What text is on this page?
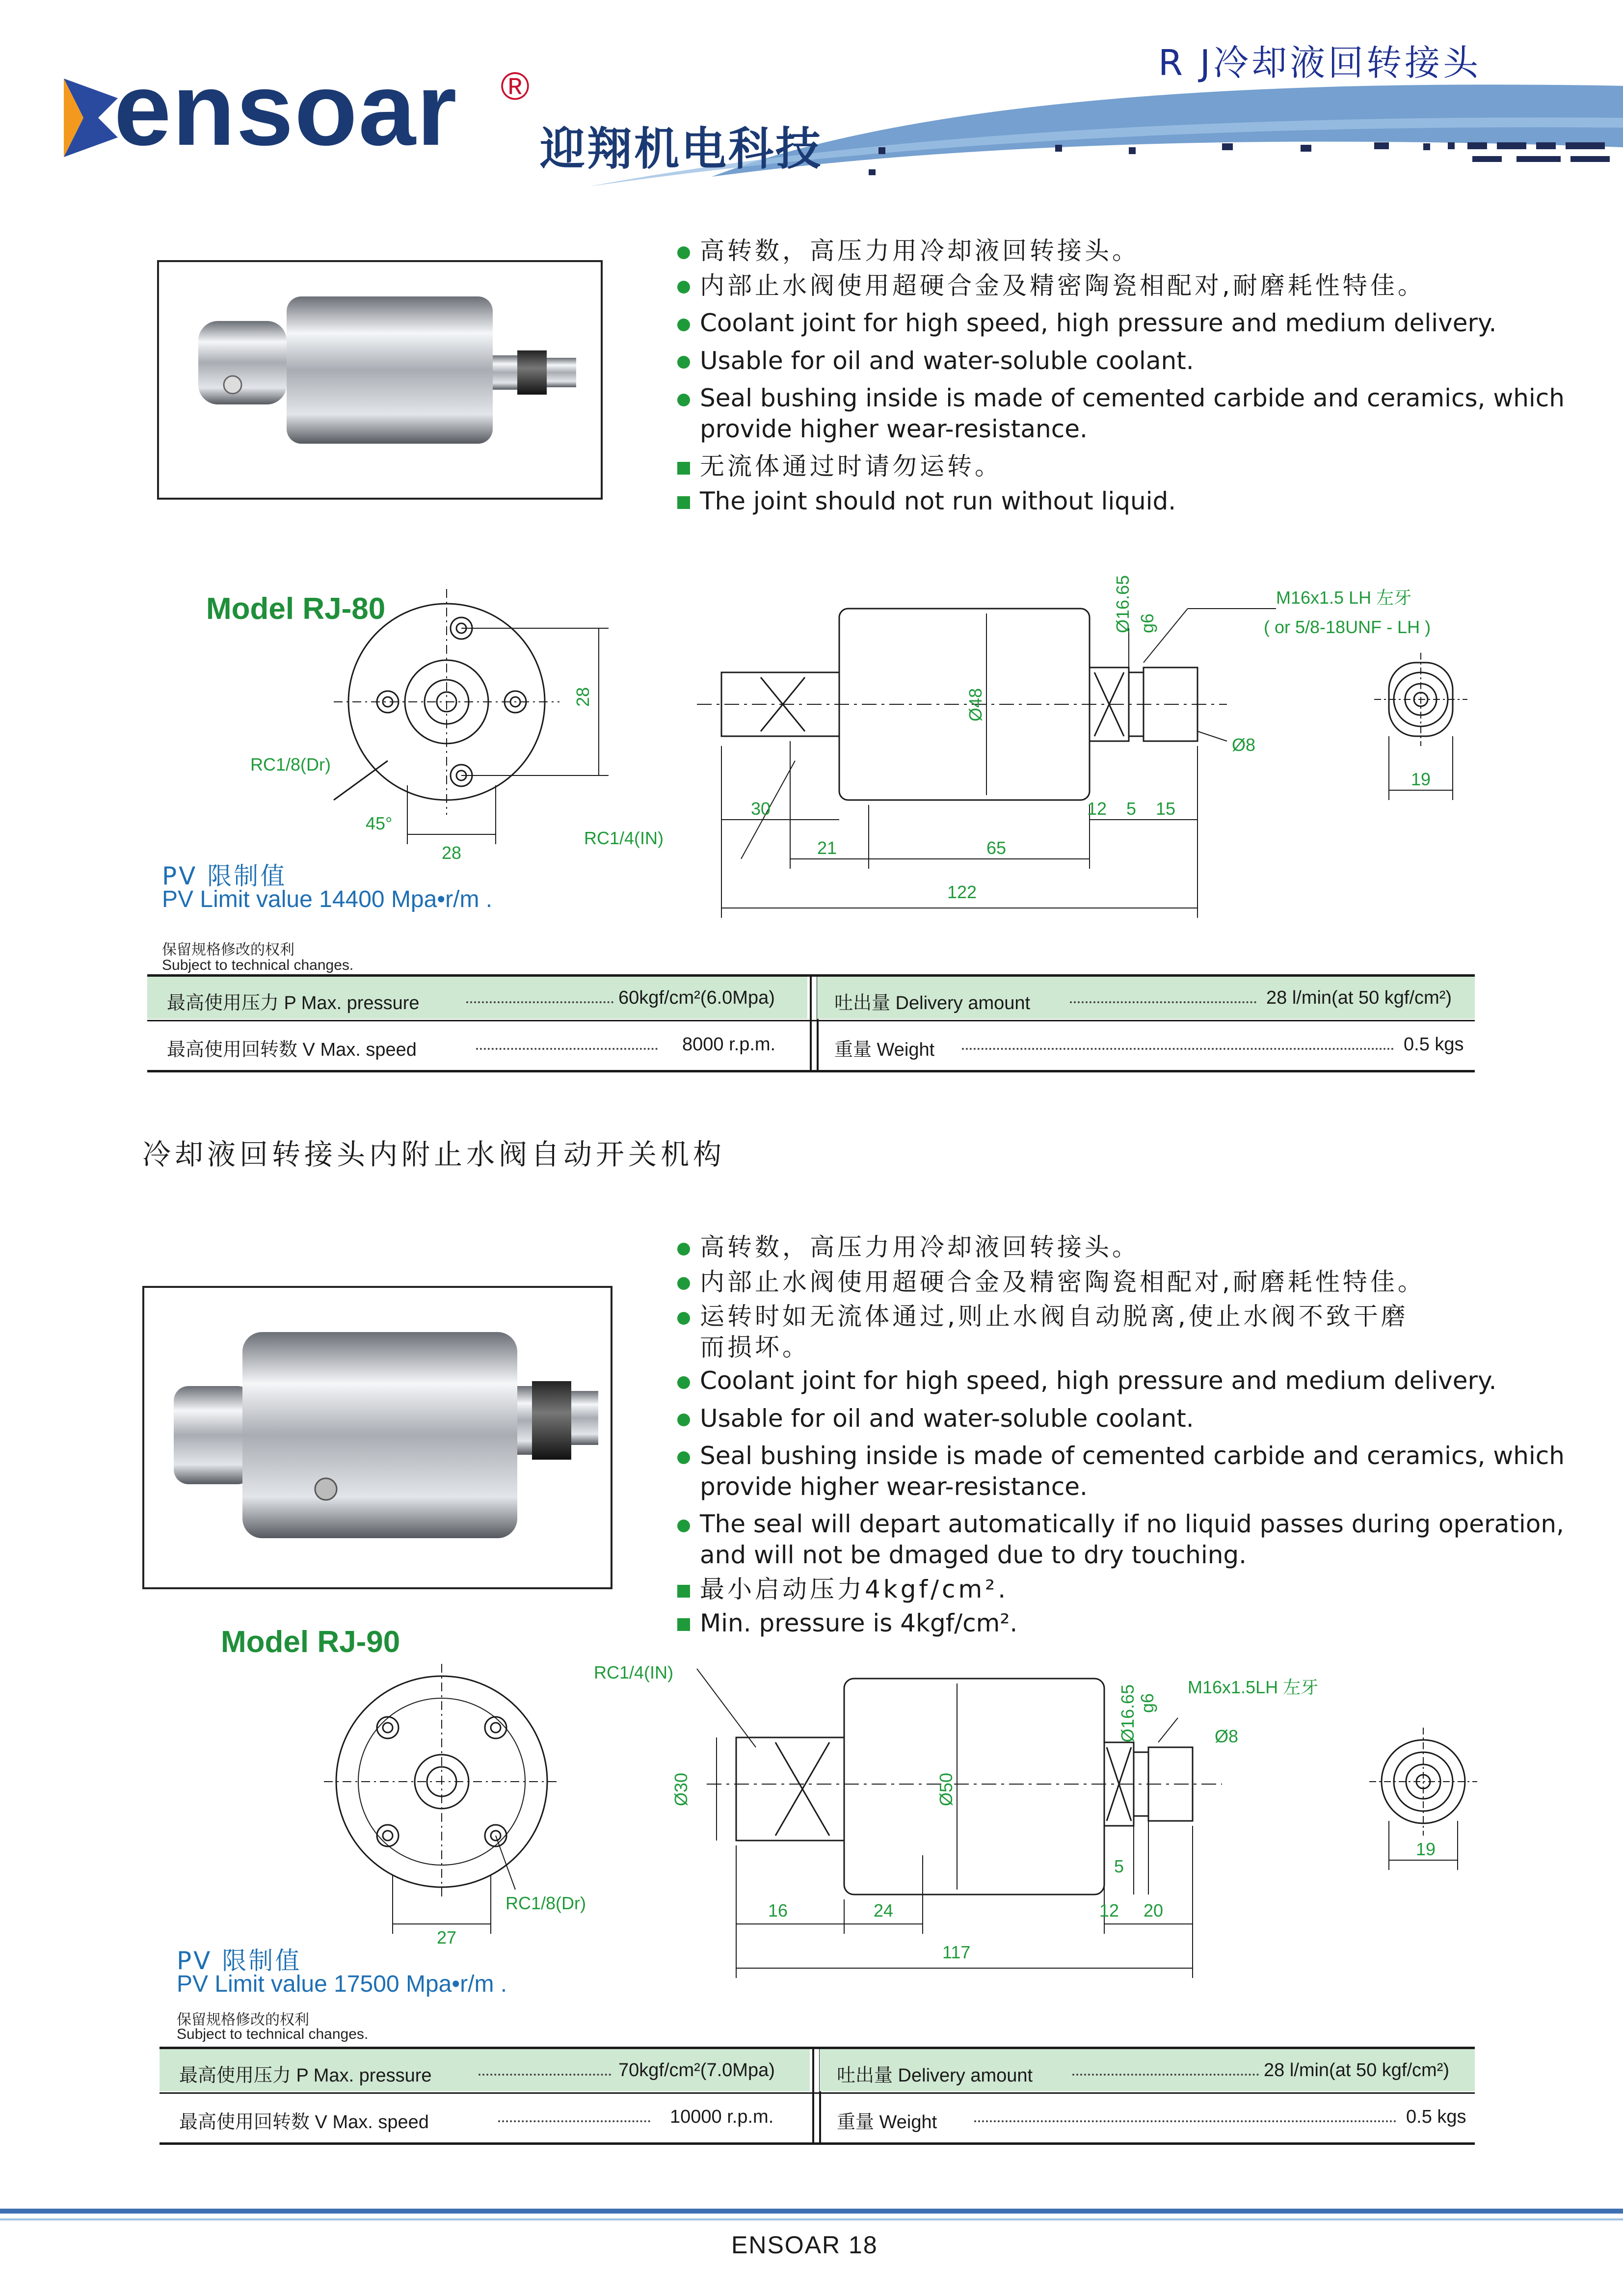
ensoar ®
迎翔机电科技
R J冷却液回转接头
高转数，高压力用冷却液回转接头。
内部止水阀使用超硬合金及精密陶瓷相配对,耐磨耗性特佳。
Coolant joint for high speed, high pressure and medium delivery.
Usable for oil and water-soluble coolant.
Seal bushing inside is made of cemented carbide and ceramics, which
provide higher wear-resistance.
无流体通过时请勿运转。
The joint should not run without liquid.
Model RJ-80
28
28
45°
RC1/8(Dr)
RC1/4(IN)
30
21	65
122
12 5 15
Ø48
Ø16.65 g6
Ø8
M16x1.5 LH 左牙
( or 5/8-18UNF - LH )
19
PV 限制值
PV Limit value 14400 Mpa•r/m .
保留规格修改的权利
Subject to technical changes.
最高使用压力 P Max. pressure	60kgf/cm²(6.0Mpa)	吐出量 Delivery amount	28 l/min(at 50 kgf/cm²)
最高使用回转数 V Max. speed	8000 r.p.m.	重量 Weight	0.5 kgs
冷却液回转接头内附止水阀自动开关机构
高转数，高压力用冷却液回转接头。
内部止水阀使用超硬合金及精密陶瓷相配对,耐磨耗性特佳。
运转时如无流体通过,则止水阀自动脱离,使止水阀不致干磨
而损坏。
Coolant joint for high speed, high pressure and medium delivery.
Usable for oil and water-soluble coolant.
Seal bushing inside is made of cemented carbide and ceramics, which
provide higher wear-resistance.
The seal will depart automatically if no liquid passes during operation,
and will not be dmaged due to dry touching.
最小启动压力4kgf/cm².
Min. pressure is 4kgf/cm².
Model RJ-90
27
RC1/8(Dr)
RC1/4(IN)
Ø30	Ø50
Ø16.65 g6
M16x1.5LH 左牙
Ø8
16	24
117
12
5
20
19
PV 限制值
PV Limit value 17500 Mpa•r/m .
保留规格修改的权利
Subject to technical changes.
最高使用压力 P Max. pressure	70kgf/cm²(7.0Mpa)	吐出量 Delivery amount	28 l/min(at 50 kgf/cm²)
最高使用回转数 V Max. speed	10000 r.p.m.	重量 Weight	0.5 kgs
ENSOAR 18
